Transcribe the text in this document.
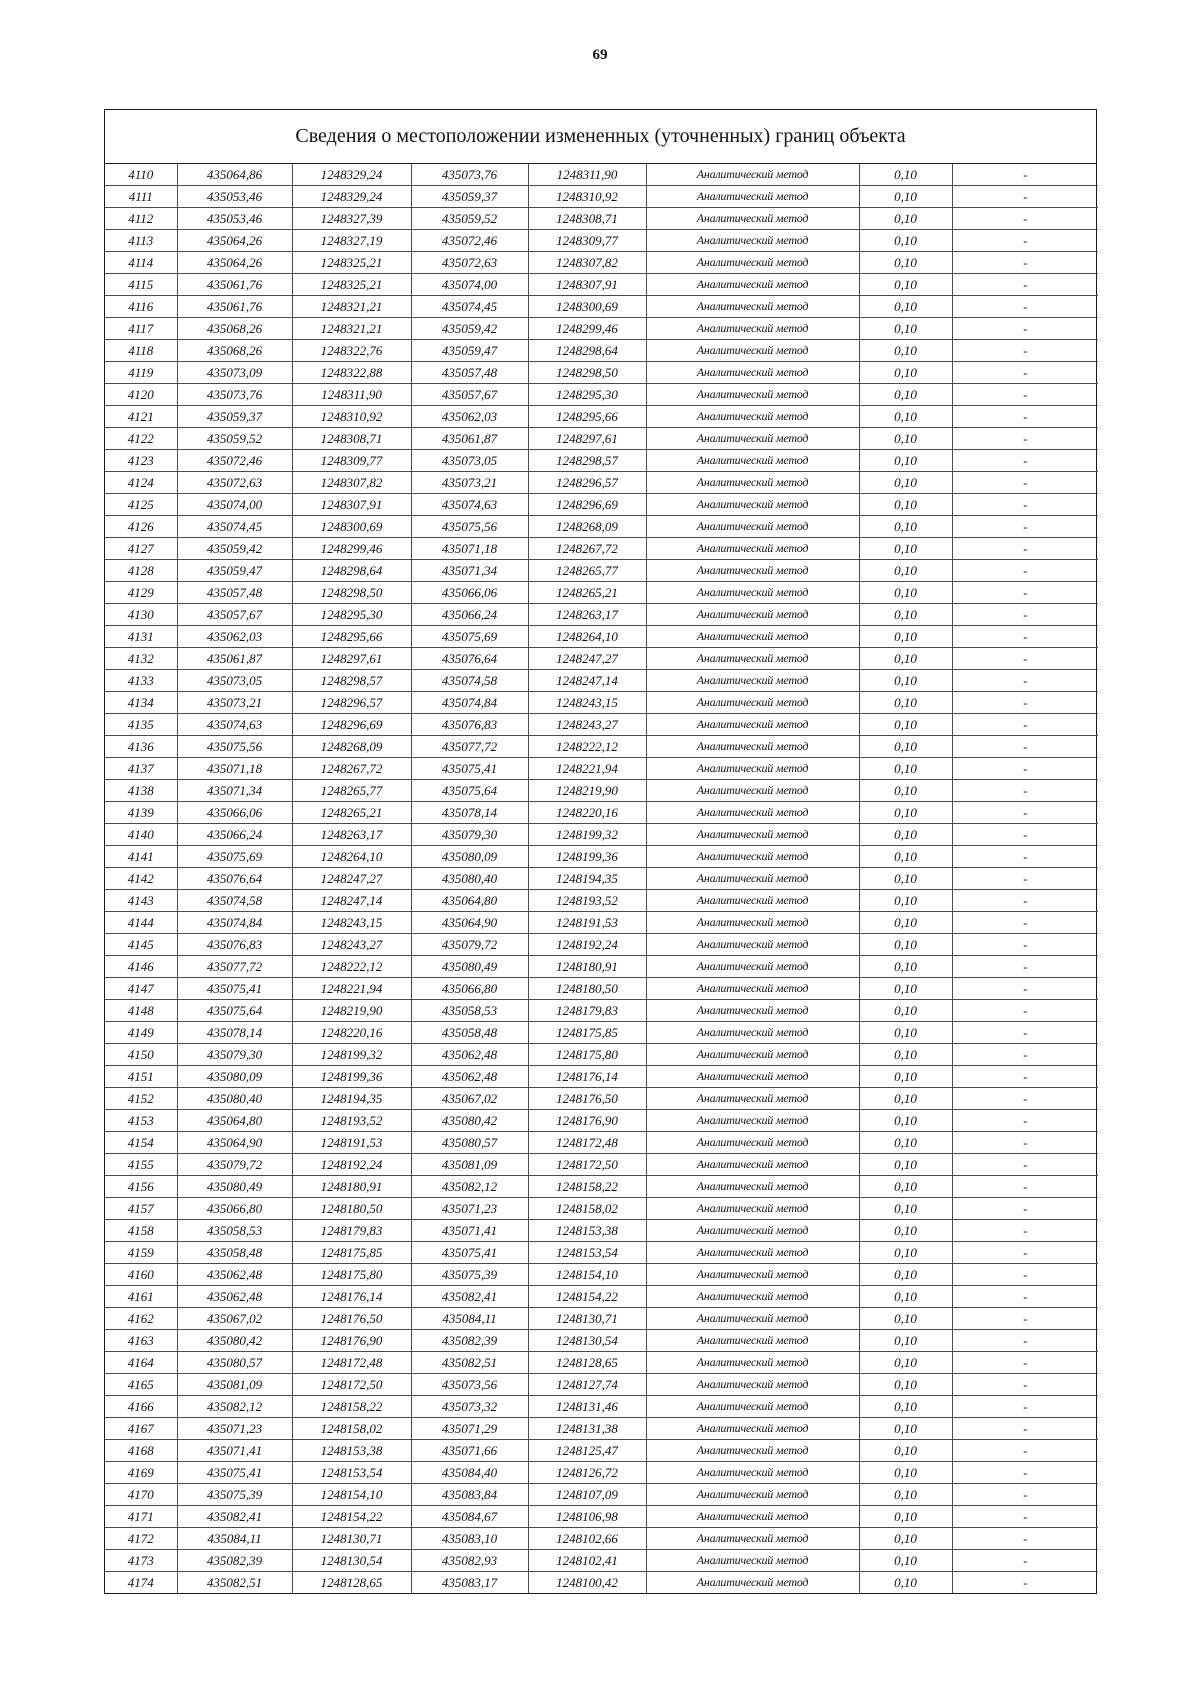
69
Сведения о местоположении измененных (уточненных) границ объекта
4110	435064,86	1248329,24	435073,76	1248311,90	Аналитический метод	0,10	-
4111	435053,46	1248329,24	435059,37	1248310,92	Аналитический метод	0,10	-
4112	435053,46	1248327,39	435059,52	1248308,71	Аналитический метод	0,10	-
4113	435064,26	1248327,19	435072,46	1248309,77	Аналитический метод	0,10	-
4114	435064,26	1248325,21	435072,63	1248307,82	Аналитический метод	0,10	-
4115	435061,76	1248325,21	435074,00	1248307,91	Аналитический метод	0,10	-
4116	435061,76	1248321,21	435074,45	1248300,69	Аналитический метод	0,10	-
4117	435068,26	1248321,21	435059,42	1248299,46	Аналитический метод	0,10	-
4118	435068,26	1248322,76	435059,47	1248298,64	Аналитический метод	0,10	-
4119	435073,09	1248322,88	435057,48	1248298,50	Аналитический метод	0,10	-
4120	435073,76	1248311,90	435057,67	1248295,30	Аналитический метод	0,10	-
4121	435059,37	1248310,92	435062,03	1248295,66	Аналитический метод	0,10	-
4122	435059,52	1248308,71	435061,87	1248297,61	Аналитический метод	0,10	-
4123	435072,46	1248309,77	435073,05	1248298,57	Аналитический метод	0,10	-
4124	435072,63	1248307,82	435073,21	1248296,57	Аналитический метод	0,10	-
4125	435074,00	1248307,91	435074,63	1248296,69	Аналитический метод	0,10	-
4126	435074,45	1248300,69	435075,56	1248268,09	Аналитический метод	0,10	-
4127	435059,42	1248299,46	435071,18	1248267,72	Аналитический метод	0,10	-
4128	435059,47	1248298,64	435071,34	1248265,77	Аналитический метод	0,10	-
4129	435057,48	1248298,50	435066,06	1248265,21	Аналитический метод	0,10	-
4130	435057,67	1248295,30	435066,24	1248263,17	Аналитический метод	0,10	-
4131	435062,03	1248295,66	435075,69	1248264,10	Аналитический метод	0,10	-
4132	435061,87	1248297,61	435076,64	1248247,27	Аналитический метод	0,10	-
4133	435073,05	1248298,57	435074,58	1248247,14	Аналитический метод	0,10	-
4134	435073,21	1248296,57	435074,84	1248243,15	Аналитический метод	0,10	-
4135	435074,63	1248296,69	435076,83	1248243,27	Аналитический метод	0,10	-
4136	435075,56	1248268,09	435077,72	1248222,12	Аналитический метод	0,10	-
4137	435071,18	1248267,72	435075,41	1248221,94	Аналитический метод	0,10	-
4138	435071,34	1248265,77	435075,64	1248219,90	Аналитический метод	0,10	-
4139	435066,06	1248265,21	435078,14	1248220,16	Аналитический метод	0,10	-
4140	435066,24	1248263,17	435079,30	1248199,32	Аналитический метод	0,10	-
4141	435075,69	1248264,10	435080,09	1248199,36	Аналитический метод	0,10	-
4142	435076,64	1248247,27	435080,40	1248194,35	Аналитический метод	0,10	-
4143	435074,58	1248247,14	435064,80	1248193,52	Аналитический метод	0,10	-
4144	435074,84	1248243,15	435064,90	1248191,53	Аналитический метод	0,10	-
4145	435076,83	1248243,27	435079,72	1248192,24	Аналитический метод	0,10	-
4146	435077,72	1248222,12	435080,49	1248180,91	Аналитический метод	0,10	-
4147	435075,41	1248221,94	435066,80	1248180,50	Аналитический метод	0,10	-
4148	435075,64	1248219,90	435058,53	1248179,83	Аналитический метод	0,10	-
4149	435078,14	1248220,16	435058,48	1248175,85	Аналитический метод	0,10	-
4150	435079,30	1248199,32	435062,48	1248175,80	Аналитический метод	0,10	-
4151	435080,09	1248199,36	435062,48	1248176,14	Аналитический метод	0,10	-
4152	435080,40	1248194,35	435067,02	1248176,50	Аналитический метод	0,10	-
4153	435064,80	1248193,52	435080,42	1248176,90	Аналитический метод	0,10	-
4154	435064,90	1248191,53	435080,57	1248172,48	Аналитический метод	0,10	-
4155	435079,72	1248192,24	435081,09	1248172,50	Аналитический метод	0,10	-
4156	435080,49	1248180,91	435082,12	1248158,22	Аналитический метод	0,10	-
4157	435066,80	1248180,50	435071,23	1248158,02	Аналитический метод	0,10	-
4158	435058,53	1248179,83	435071,41	1248153,38	Аналитический метод	0,10	-
4159	435058,48	1248175,85	435075,41	1248153,54	Аналитический метод	0,10	-
4160	435062,48	1248175,80	435075,39	1248154,10	Аналитический метод	0,10	-
4161	435062,48	1248176,14	435082,41	1248154,22	Аналитический метод	0,10	-
4162	435067,02	1248176,50	435084,11	1248130,71	Аналитический метод	0,10	-
4163	435080,42	1248176,90	435082,39	1248130,54	Аналитический метод	0,10	-
4164	435080,57	1248172,48	435082,51	1248128,65	Аналитический метод	0,10	-
4165	435081,09	1248172,50	435073,56	1248127,74	Аналитический метод	0,10	-
4166	435082,12	1248158,22	435073,32	1248131,46	Аналитический метод	0,10	-
4167	435071,23	1248158,02	435071,29	1248131,38	Аналитический метод	0,10	-
4168	435071,41	1248153,38	435071,66	1248125,47	Аналитический метод	0,10	-
4169	435075,41	1248153,54	435084,40	1248126,72	Аналитический метод	0,10	-
4170	435075,39	1248154,10	435083,84	1248107,09	Аналитический метод	0,10	-
4171	435082,41	1248154,22	435084,67	1248106,98	Аналитический метод	0,10	-
4172	435084,11	1248130,71	435083,10	1248102,66	Аналитический метод	0,10	-
4173	435082,39	1248130,54	435082,93	1248102,41	Аналитический метод	0,10	-
4174	435082,51	1248128,65	435083,17	1248100,42	Аналитический метод	0,10	-
